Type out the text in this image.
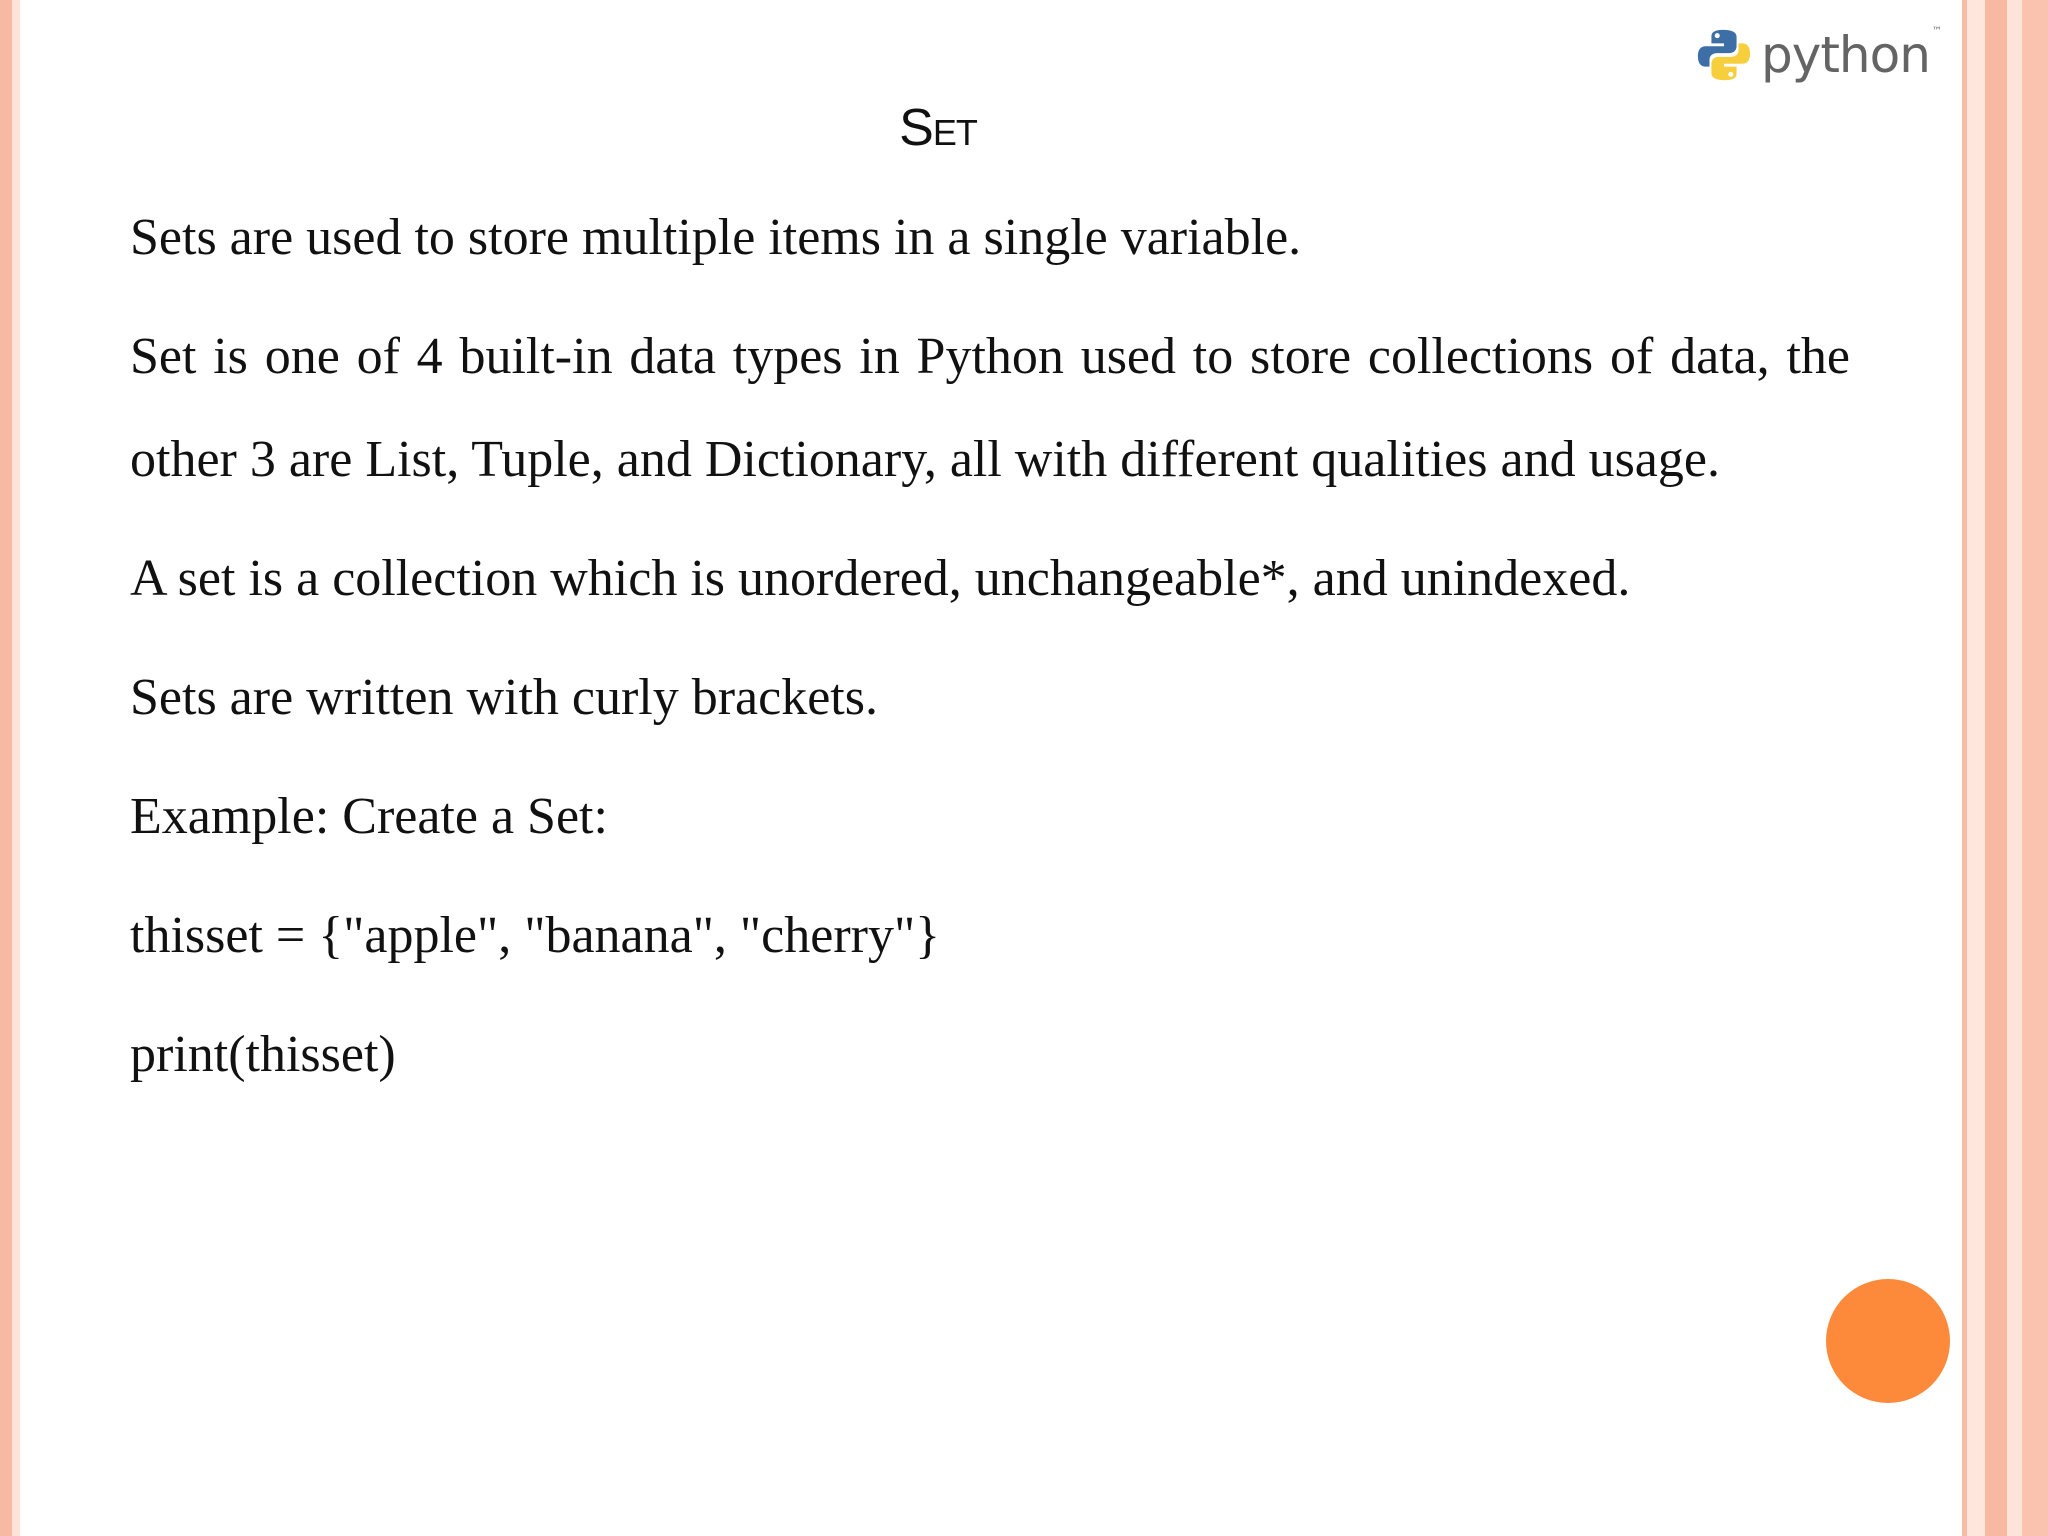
python ™
Set

Sets are used to store multiple items in a single variable.

Set is one of 4 built-in data types in Python used to store collections of data, the other 3 are List, Tuple, and Dictionary, all with different qualities and usage.

A set is a collection which is unordered, unchangeable*, and unindexed.

Sets are written with curly brackets.

Example: Create a Set:

thisset = {"apple", "banana", "cherry"}

print(thisset)
